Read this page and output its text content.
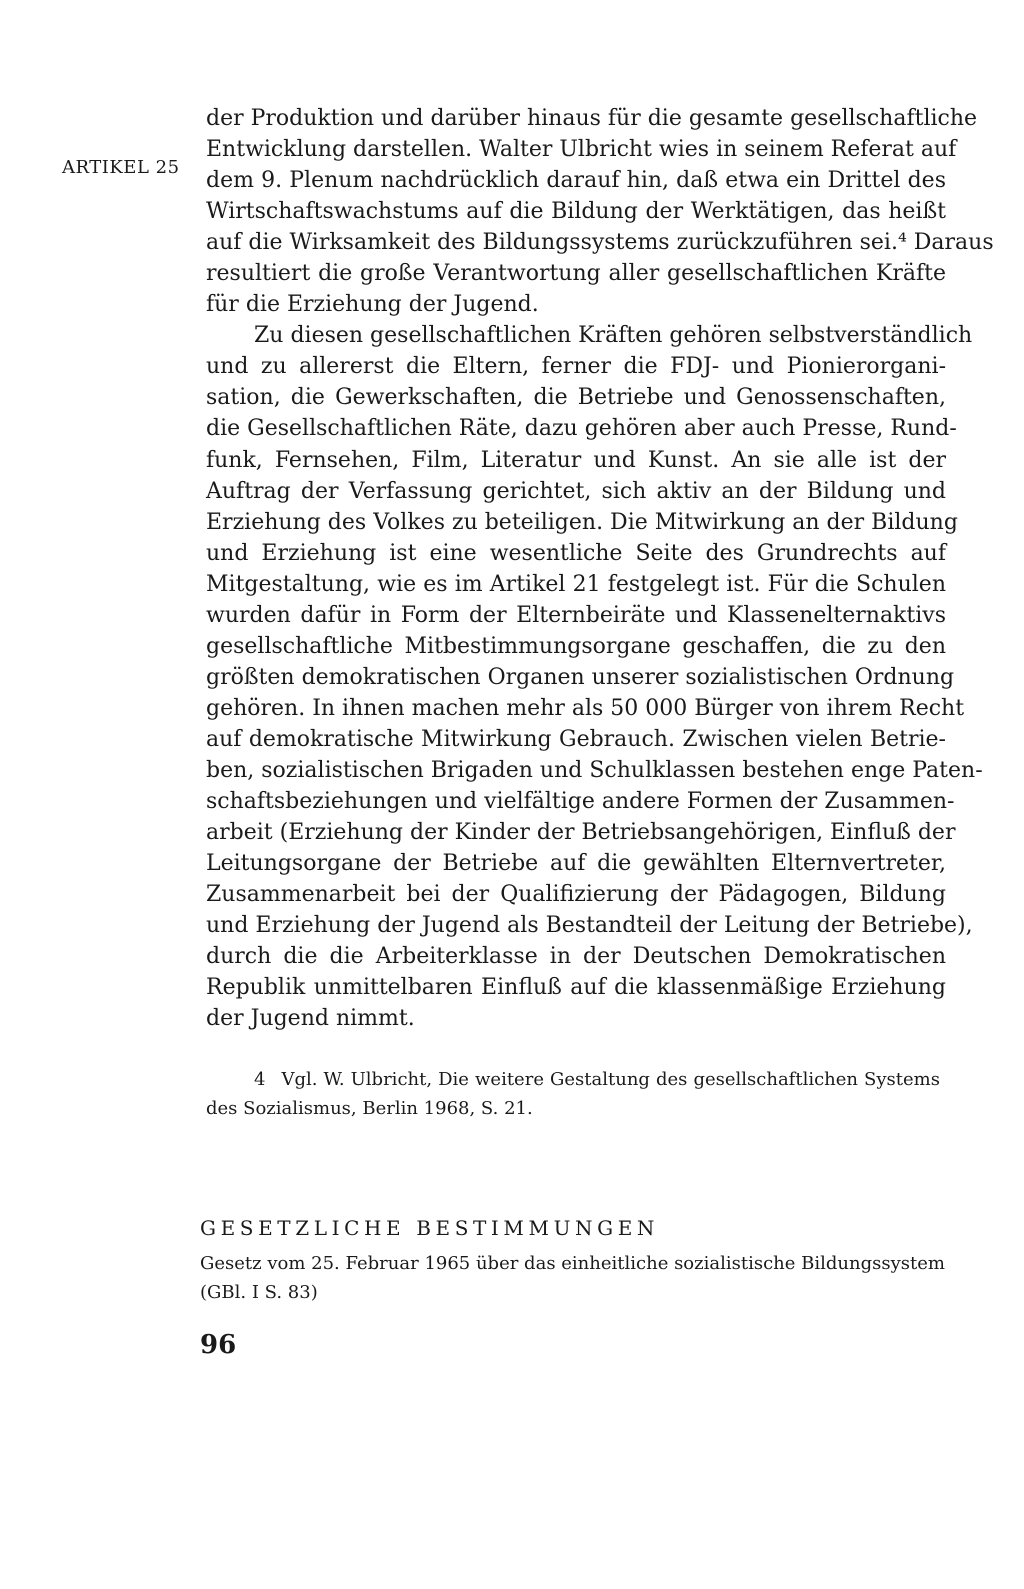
ARTIKEL 25
der Produktion und darüber hinaus für die gesamte gesellschaftliche
Entwicklung darstellen. Walter Ulbricht wies in seinem Referat auf
dem 9. Plenum nachdrücklich darauf hin, daß etwa ein Drittel des
Wirtschaftswachstums auf die Bildung der Werktätigen, das heißt
auf die Wirksamkeit des Bildungssystems zurückzuführen sei.⁴ Daraus
resultiert die große Verantwortung aller gesellschaftlichen Kräfte
für die Erziehung der Jugend.
Zu diesen gesellschaftlichen Kräften gehören selbstverständlich
und zu allererst die Eltern, ferner die FDJ- und Pionierorgani-
sation, die Gewerkschaften, die Betriebe und Genossenschaften,
die Gesellschaftlichen Räte, dazu gehören aber auch Presse, Rund-
funk, Fernsehen, Film, Literatur und Kunst. An sie alle ist der
Auftrag der Verfassung gerichtet, sich aktiv an der Bildung und
Erziehung des Volkes zu beteiligen. Die Mitwirkung an der Bildung
und Erziehung ist eine wesentliche Seite des Grundrechts auf
Mitgestaltung, wie es im Artikel 21 festgelegt ist. Für die Schulen
wurden dafür in Form der Elternbeiräte und Klassenelternaktivs
gesellschaftliche Mitbestimmungsorgane geschaffen, die zu den
größten demokratischen Organen unserer sozialistischen Ordnung
gehören. In ihnen machen mehr als 50 000 Bürger von ihrem Recht
auf demokratische Mitwirkung Gebrauch. Zwischen vielen Betrie-
ben, sozialistischen Brigaden und Schulklassen bestehen enge Paten-
schaftsbeziehungen und vielfältige andere Formen der Zusammen-
arbeit (Erziehung der Kinder der Betriebsangehörigen, Einfluß der
Leitungsorgane der Betriebe auf die gewählten Elternvertreter,
Zusammenarbeit bei der Qualifizierung der Pädagogen, Bildung
und Erziehung der Jugend als Bestandteil der Leitung der Betriebe),
durch die die Arbeiterklasse in der Deutschen Demokratischen
Republik unmittelbaren Einfluß auf die klassenmäßige Erziehung
der Jugend nimmt.
4 Vgl. W. Ulbricht, Die weitere Gestaltung des gesellschaftlichen Systems
des Sozialismus, Berlin 1968, S. 21.
GESETZLICHE BESTIMMUNGEN
Gesetz vom 25. Februar 1965 über das einheitliche sozialistische Bildungssystem
(GBl. I S. 83)
96
